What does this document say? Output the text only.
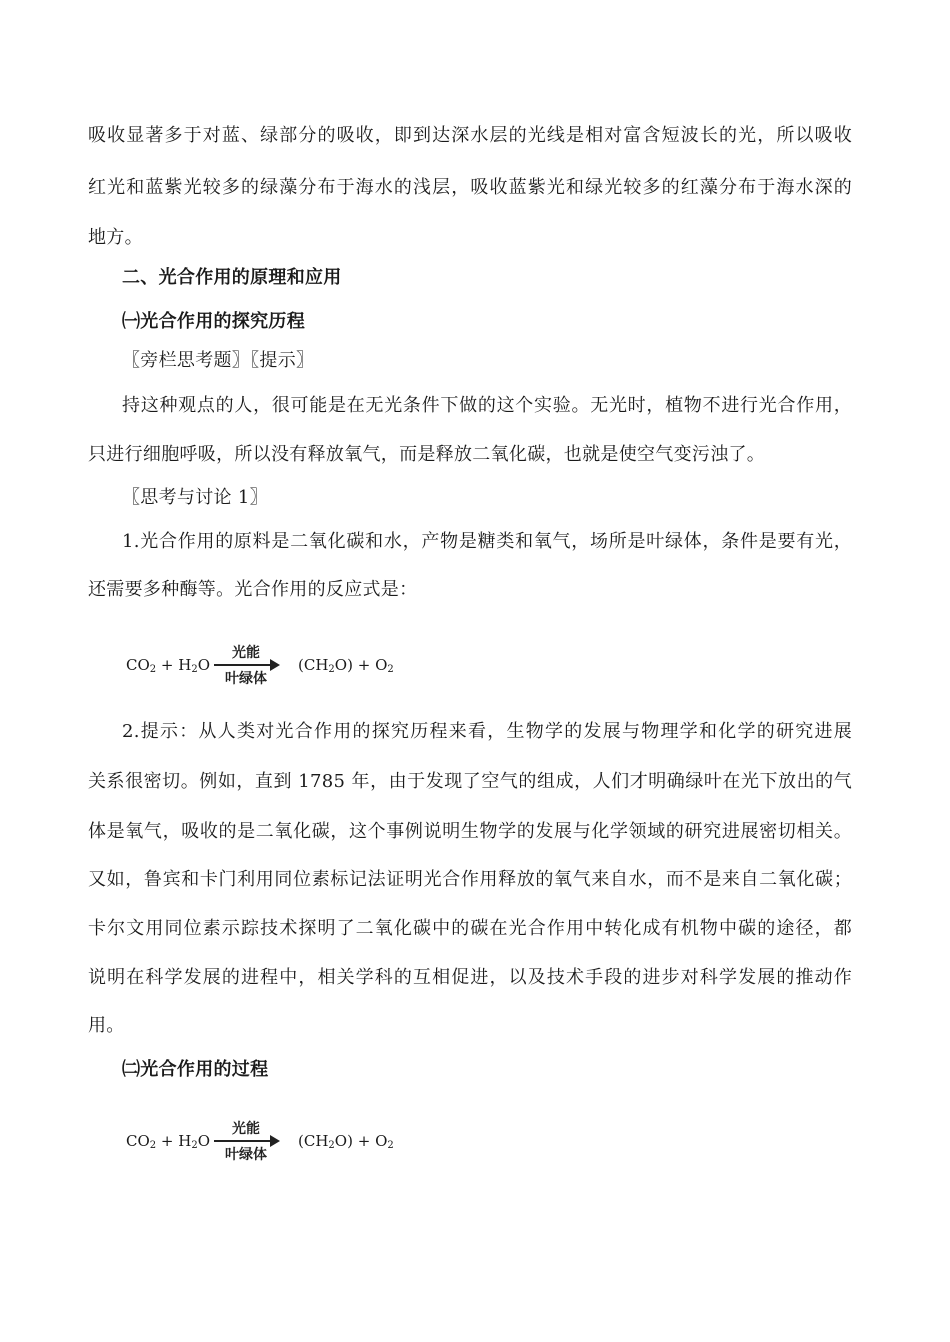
吸收显著多于对蓝、绿部分的吸收，即到达深水层的光线是相对富含短波长的光，所以吸收
红光和蓝紫光较多的绿藻分布于海水的浅层，吸收蓝紫光和绿光较多的红藻分布于海水深的
地方。
二、光合作用的原理和应用
㈠光合作用的探究历程
〖旁栏思考题〗〖提示〗
持这种观点的人，很可能是在无光条件下做的这个实验。无光时，植物不进行光合作用，
只进行细胞呼吸，所以没有释放氧气，而是释放二氧化碳，也就是使空气变污浊了。
〖思考与讨论 1〗
1.光合作用的原料是二氧化碳和水，产物是糖类和氧气，场所是叶绿体，条件是要有光，
还需要多种酶等。光合作用的反应式是：
$CO_2 + H_2O$
光能
叶绿体
$(CH_2O) + O_2$
2.提示：从人类对光合作用的探究历程来看，生物学的发展与物理学和化学的研究进展
关系很密切。例如，直到 1785 年，由于发现了空气的组成，人们才明确绿叶在光下放出的气
体是氧气，吸收的是二氧化碳，这个事例说明生物学的发展与化学领域的研究进展密切相关。
又如，鲁宾和卡门利用同位素标记法证明光合作用释放的氧气来自水，而不是来自二氧化碳；
卡尔文用同位素示踪技术探明了二氧化碳中的碳在光合作用中转化成有机物中碳的途径，都
说明在科学发展的进程中，相关学科的互相促进，以及技术手段的进步对科学发展的推动作
用。
㈡光合作用的过程
$CO_2 + H_2O$
光能
叶绿体
$(CH_2O) + O_2$
